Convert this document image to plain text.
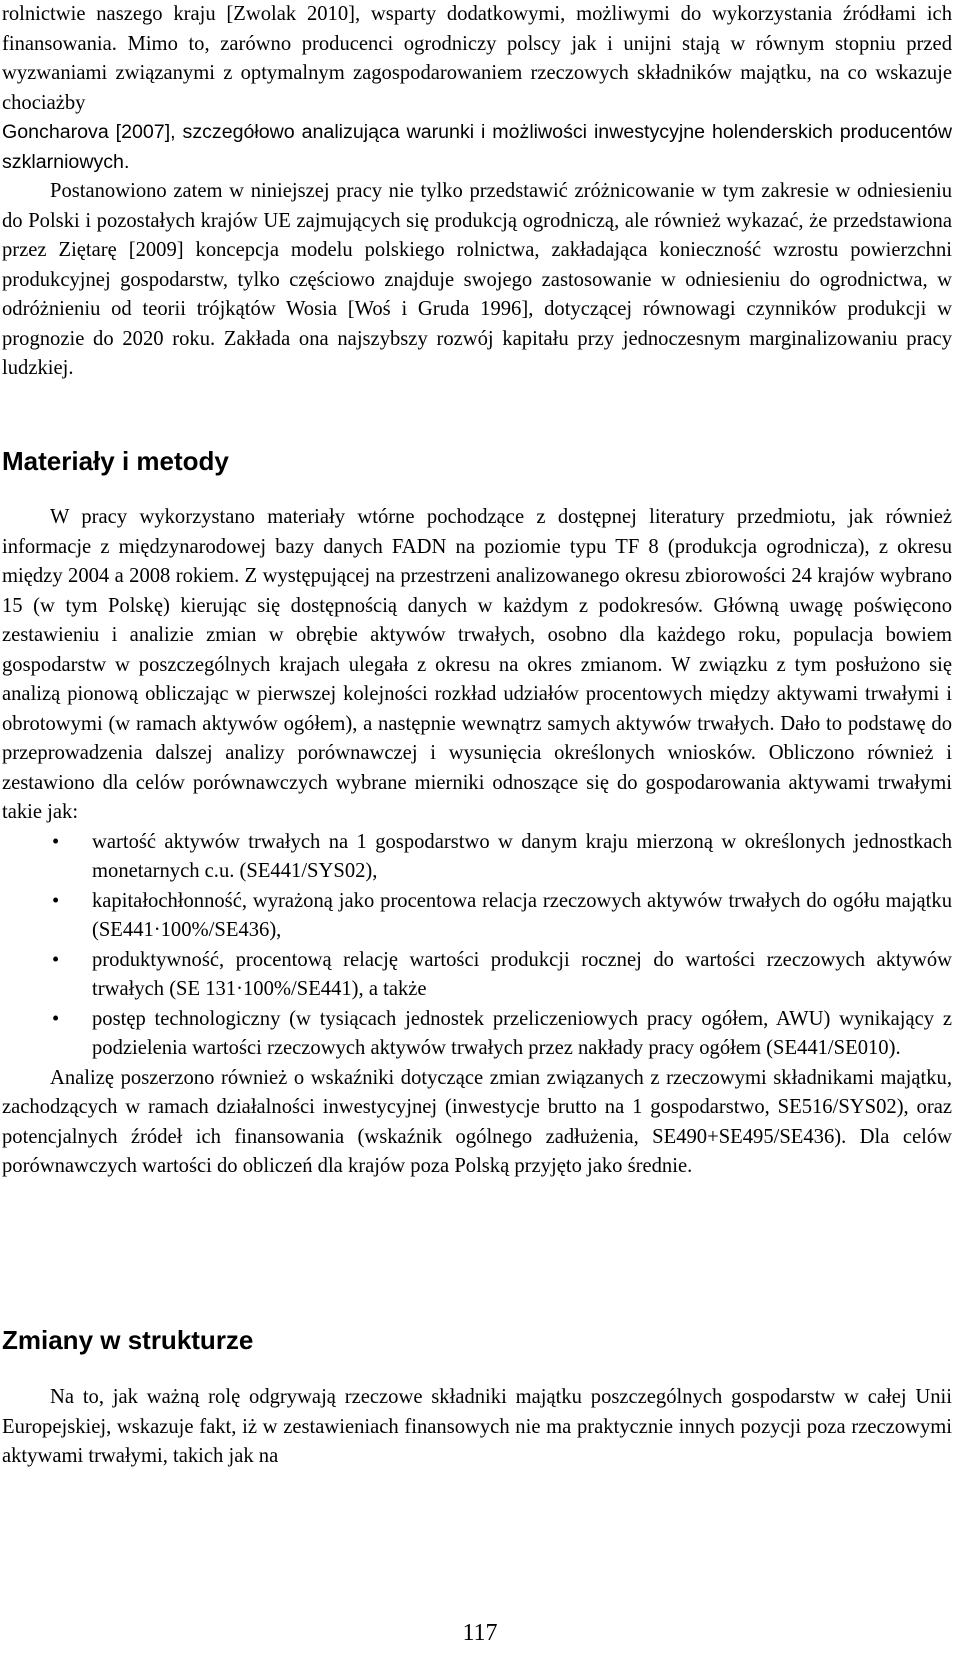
rolnictwie naszego kraju [Zwolak 2010], wsparty dodatkowymi, możliwymi do wykorzystania źródłami ich finansowania. Mimo to, zarówno producenci ogrodniczy polscy jak i unijni stają w równym stopniu przed wyzwaniami związanymi z optymalnym zagospodarowaniem rzeczowych składników majątku, na co wskazuje chociażby

Goncharova [2007], szczegółowo analizująca warunki i możliwości inwestycyjne holenderskich producentów szklarniowych.

Postanowiono zatem w niniejszej pracy nie tylko przedstawić zróżnicowanie w tym zakresie w odniesieniu do Polski i pozostałych krajów UE zajmujących się produkcją ogrodniczą, ale również wykazać, że przedstawiona przez Ziętarę [2009] koncepcja modelu polskiego rolnictwa, zakładająca konieczność wzrostu powierzchni produkcyjnej gospodarstw, tylko częściowo znajduje swojego zastosowanie w odniesieniu do ogrodnictwa, w odróżnieniu od teorii trójkątów Wosia [Woś i Gruda 1996], dotyczącej równowagi czynników produkcji w prognozie do 2020 roku. Zakłada ona najszybszy rozwój kapitału przy jednoczesnym marginalizowaniu pracy ludzkiej.

Materiały i metody

W pracy wykorzystano materiały wtórne pochodzące z dostępnej literatury przedmiotu, jak również informacje z międzynarodowej bazy danych FADN na poziomie typu TF 8 (produkcja ogrodnicza), z okresu między 2004 a 2008 rokiem. Z występującej na przestrzeni analizowanego okresu zbiorowości 24 krajów wybrano 15 (w tym Polskę) kierując się dostępnością danych w każdym z podokresów. Główną uwagę poświęcono zestawieniu i analizie zmian w obrębie aktywów trwałych, osobno dla każdego roku, populacja bowiem gospodarstw w poszczególnych krajach ulegała z okresu na okres zmianom. W związku z tym posłużono się analizą pionową obliczając w pierwszej kolejności rozkład udziałów procentowych między aktywami trwałymi i obrotowymi (w ramach aktywów ogółem), a następnie wewnątrz samych aktywów trwałych. Dało to podstawę do przeprowadzenia dalszej analizy porównawczej i wysunięcia określonych wniosków. Obliczono również i zestawiono dla celów porównawczych wybrane mierniki odnoszące się do gospodarowania aktywami trwałymi takie jak:

• wartość aktywów trwałych na 1 gospodarstwo w danym kraju mierzoną w określonych jednostkach monetarnych c.u. (SE441/SYS02),
• kapitałochłonność, wyrażoną jako procentowa relacja rzeczowych aktywów trwałych do ogółu majątku (SE441·100%/SE436),
• produktywność, procentową relację wartości produkcji rocznej do wartości rzeczowych aktywów trwałych (SE 131·100%/SE441), a także
• postęp technologiczny (w tysiącach jednostek przeliczeniowych pracy ogółem, AWU) wynikający z podzielenia wartości rzeczowych aktywów trwałych przez nakłady pracy ogółem (SE441/SE010).

Analizę poszerzono również o wskaźniki dotyczące zmian związanych z rzeczowymi składnikami majątku, zachodzących w ramach działalności inwestycyjnej (inwestycje brutto na 1 gospodarstwo, SE516/SYS02), oraz potencjalnych źródeł ich finansowania (wskaźnik ogólnego zadłużenia, SE490+SE495/SE436). Dla celów porównawczych wartości do obliczeń dla krajów poza Polską przyjęto jako średnie.

Zmiany w strukturze

Na to, jak ważną rolę odgrywają rzeczowe składniki majątku poszczególnych gospodarstw w całej Unii Europejskiej, wskazuje fakt, iż w zestawieniach finansowych nie ma praktycznie innych pozycji poza rzeczowymi aktywami trwałymi, takich jak na

117
